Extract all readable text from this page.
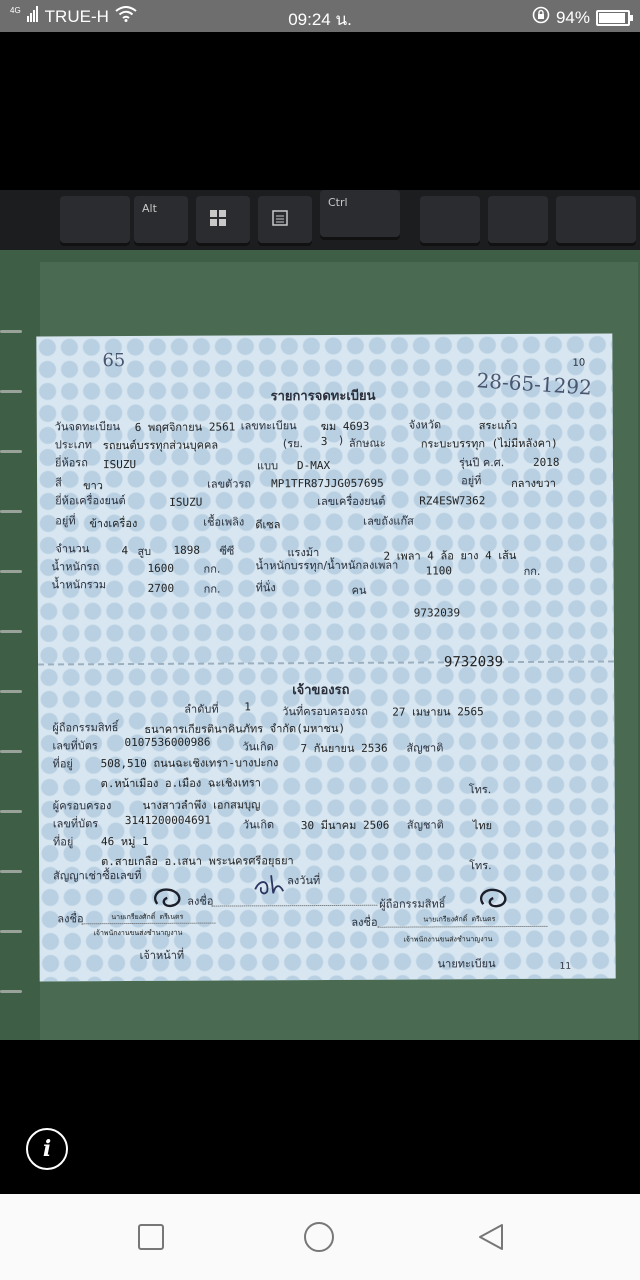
4G TRUE-H	09:24 น.	94%
Alt	Ctrl
65	10
28-65-1292
รายการจดทะเบียน
วันจดทะเบียน 6 พฤศจิกายน 2561 เลขทะเบียน ฆม 4693	จังหวัด	สระแก้ว
ประเภท รถยนต์บรรทุกส่วนบุคคล	(รย. 3 ) ลักษณะ	กระบะบรรทุก (ไม่มีหลังคา)
ยี่ห้อรถ ISUZU	แบบ D-MAX	รุ่นปี ค.ศ.	2018
สี ขาว	เลขตัวรถ MP1TFR87JJG057695	อยู่ที่	กลางขวา
ยี่ห้อเครื่องยนต์	ISUZU	เลขเครื่องยนต์	RZ4ESW7362
อยู่ที่ ข้างเครื่อง	เชื้อเพลิง ดีเซล	เลขถังแก๊ส
จำนวน	4 สูบ 1898 ซีซี	แรงม้า	2 เพลา 4 ล้อ ยาง 4 เส้น
น้ำหนักรถ	1600	กก.	น้ำหนักบรรทุก/น้ำหนักลงเพลา 1100	กก.
น้ำหนักรวม	2700	กก.	ที่นั่ง	คน
9732039
9732039
เจ้าของรถ
ลำดับที่ 1	วันที่ครอบครองรถ 27 เมษายน 2565
ผู้ถือกรรมสิทธิ์ ธนาคารเกียรตินาคินภัทร จำกัด(มหาชน)
เลขที่บัตร 0107536000986	วันเกิด 7 กันยายน 2536 สัญชาติ
ที่อยู่	508,510 ถนนฉะเชิงเทรา-บางปะกง
ต.หน้าเมือง อ.เมือง ฉะเชิงเทรา	โทร.
ผู้ครอบครอง	นางสาวลำพึง เอกสมบุญ
เลขที่บัตร 3141200004691	วันเกิด 30 มีนาคม 2506 สัญชาติ	ไทย
ที่อยู่	46 หมู่ 1
ต.สายเกลือ อ.เสนา พระนครศรีอยุธยา	โทร.
สัญญาเช่าซื้อเลขที่	ลงวันที่
ลงชื่อ	ผู้ถือกรรมสิทธิ์
ลงชื่อ	นายเกรียงศักดิ์ ตรีเนตร
เจ้าพนักงานขนส่งชำนาญงาน
เจ้าหน้าที่
ลงชื่อ	นายเกรียงศักดิ์ ตรีเนตร
เจ้าพนักงานขนส่งชำนาญงาน
นายทะเบียน	11
i
